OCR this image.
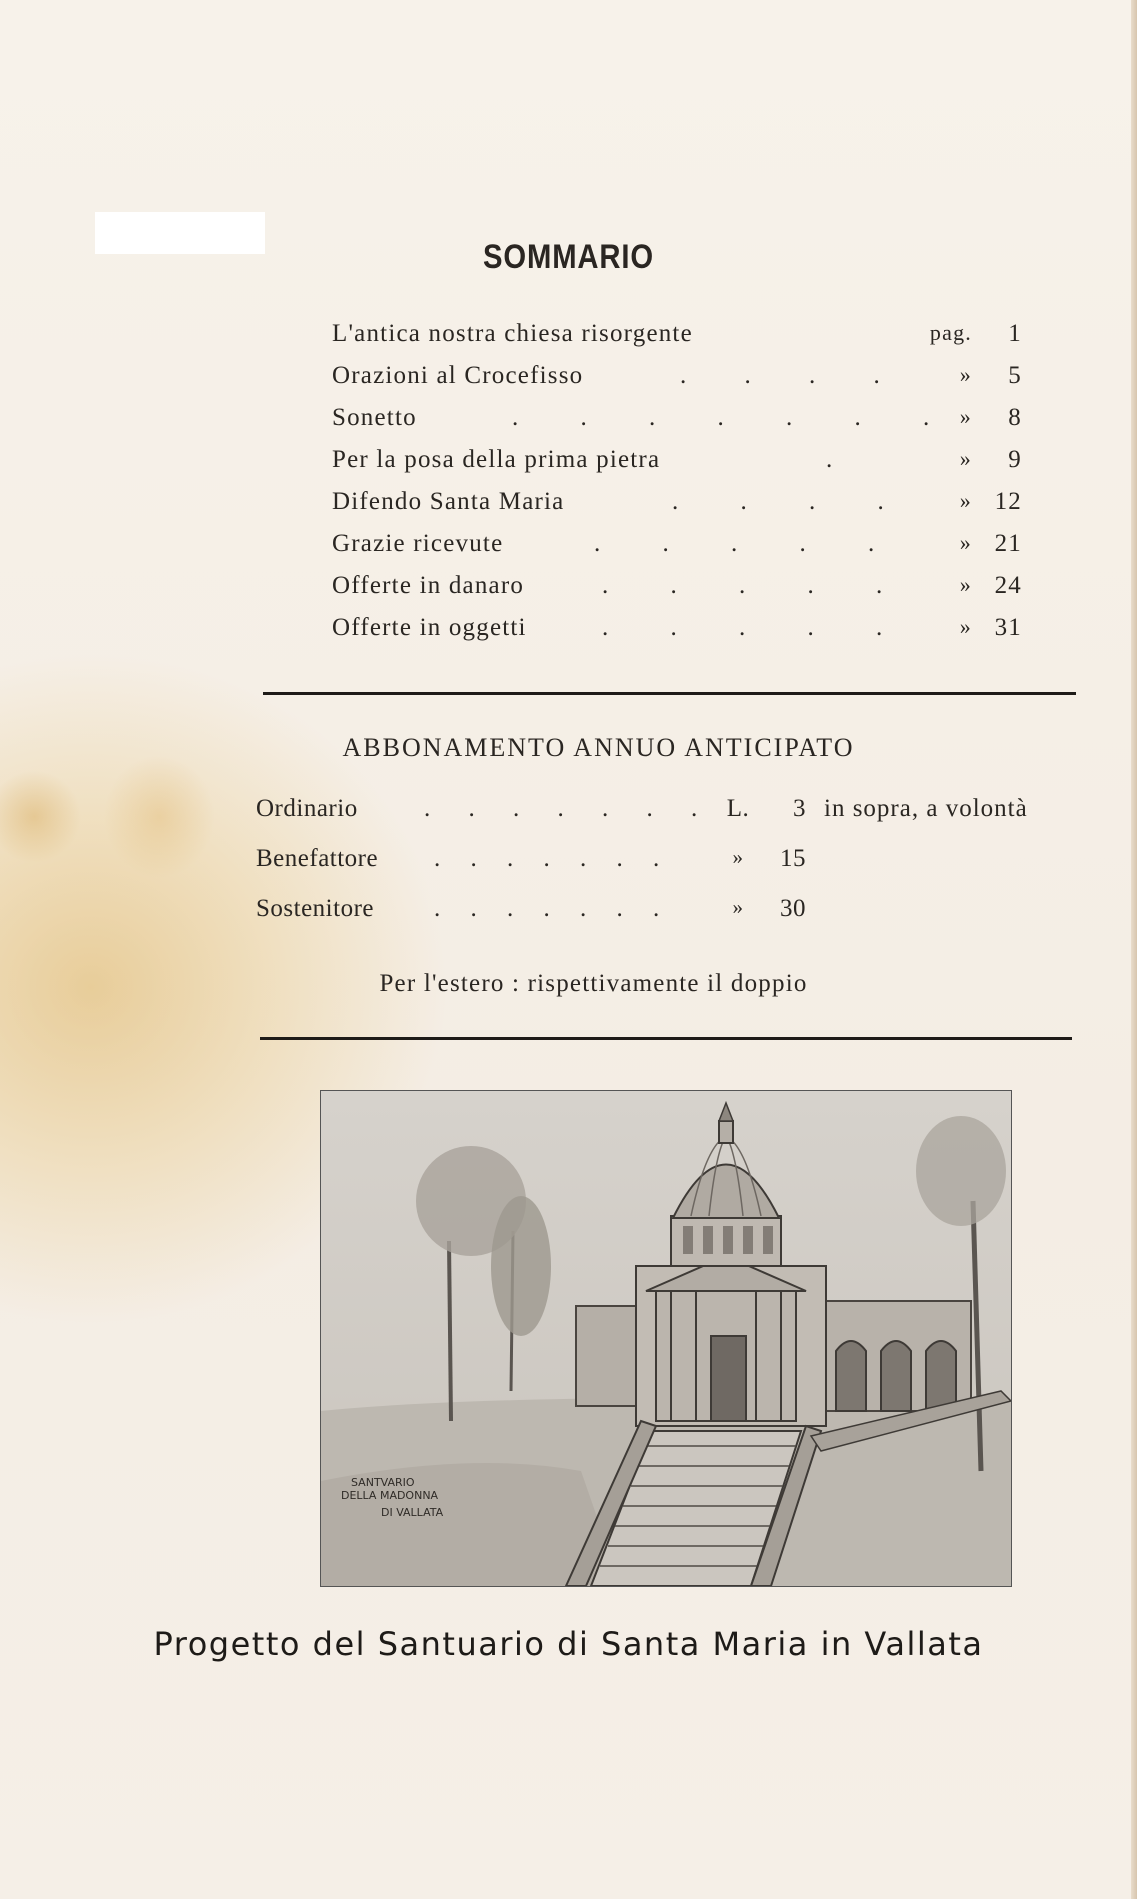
SOMMARIO
L'antica nostra chiesa risorgente	pag.	1
Orazioni al Crocefisso	. . . .	»	5
Sonetto	. . . . . . . »	8
Per la posa della prima pietra	.	»	9
Difendo Santa Maria	. . . .	» 12
Grazie ricevute	. . . . .	» 21
Offerte in danaro	. . . . .	» 24
Offerte in oggetti	. . . . .	» 31
ABBONAMENTO ANNUO ANTICIPATO
Ordinario	. . . . . . . L.	3 in sopra, a volontà
Benefattore . . . . . . .	»	15
Sostenitore . . . . . . .	»	30
Per l'estero : rispettivamente il doppio
SANTVARIO
DELLA MADONNA
DI VALLATA
Progetto del Santuario di Santa Maria in Vallata
